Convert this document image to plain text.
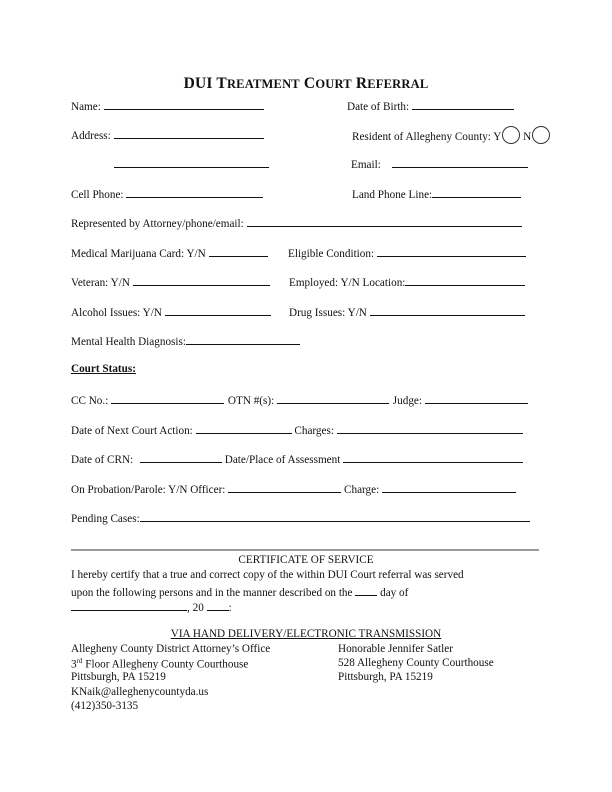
DUI TREATMENT COURT REFERRAL
Name:	Date of Birth:
Address:	Resident of Allegheny County: Y N
Email:
Cell Phone:	Land Phone Line:
Represented by Attorney/phone/email:
Medical Marijuana Card: Y/N	Eligible Condition:
Veteran: Y/N	Employed: Y/N Location:
Alcohol Issues: Y/N	Drug Issues: Y/N
Mental Health Diagnosis:
Court Status:
CC No.:	OTN #(s):	Judge:
Date of Next Court Action:	Charges:
Date of CRN:	Date/Place of Assessment
On Probation/Parole: Y/N Officer:	Charge:
Pending Cases:
CERTIFICATE OF SERVICE
I hereby certify that a true and correct copy of the within DUI Court referral was served
upon the following persons and in the manner described on the day of
, 20 :
VIA HAND DELIVERY/ELECTRONIC TRANSMISSION
Allegheny County District Attorney’s Office
3rd Floor Allegheny County Courthouse
Pittsburgh, PA 15219
KNaik@alleghenycountyda.us
(412)350-3135
Honorable Jennifer Satler
528 Allegheny County Courthouse
Pittsburgh, PA 15219
